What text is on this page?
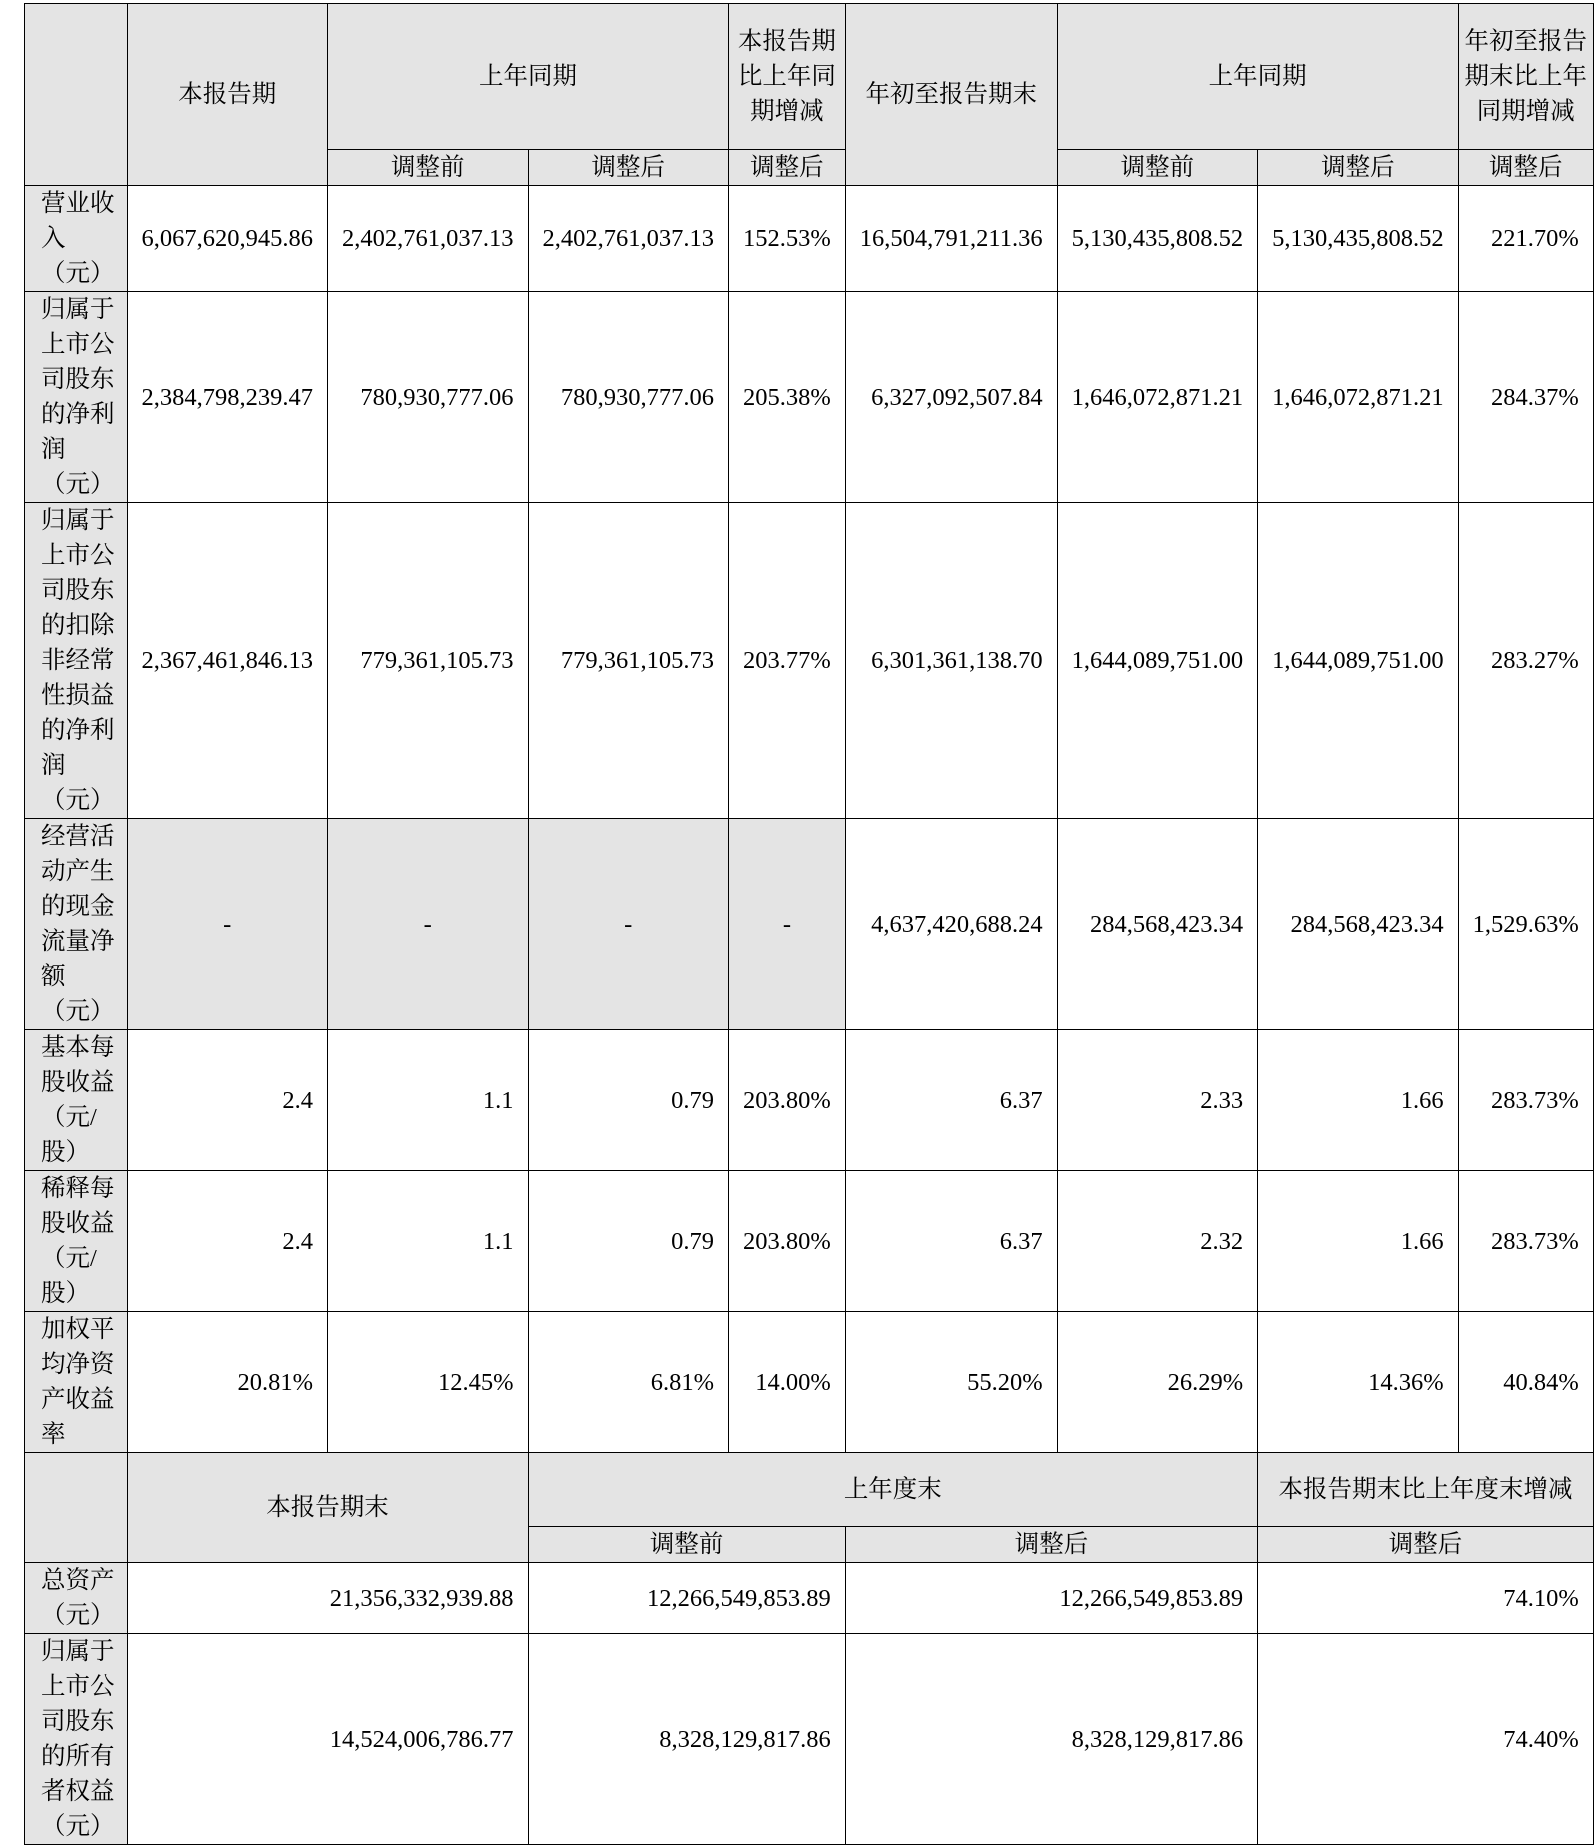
	本报告期	上年同期		本报告期比上年同期增减	年初至报告期末	上年同期		年初至报告期末比上年同期增减
		调整前	调整后	调整后		调整前	调整后	调整后
营业收入（元）	6,067,620,945.86	2,402,761,037.13	2,402,761,037.13	152.53%	16,504,791,211.36	5,130,435,808.52	5,130,435,808.52	221.70%
归属于上市公司股东的净利润（元）	2,384,798,239.47	780,930,777.06	780,930,777.06	205.38%	6,327,092,507.84	1,646,072,871.21	1,646,072,871.21	284.37%
归属于上市公司股东的扣除非经常性损益的净利润（元）	2,367,461,846.13	779,361,105.73	779,361,105.73	203.77%	6,301,361,138.70	1,644,089,751.00	1,644,089,751.00	283.27%
经营活动产生的现金流量净额（元）	-	-	-	-	4,637,420,688.24	284,568,423.34	284,568,423.34	1,529.63%
基本每股收益（元/股）	2.4	1.1	0.79	203.80%	6.37	2.33	1.66	283.73%
稀释每股收益（元/股）	2.4	1.1	0.79	203.80%	6.37	2.32	1.66	283.73%
加权平均净资产收益率	20.81%	12.45%	6.81%	14.00%	55.20%	26.29%	14.36%	40.84%
	本报告期末		上年度末				本报告期末比上年度末增减	
			调整前		调整后		调整后	
总资产（元）	21,356,332,939.88		12,266,549,853.89		12,266,549,853.89		74.10%	
归属于上市公司股东的所有者权益（元）	14,524,006,786.77		8,328,129,817.86		8,328,129,817.86		74.40%	
